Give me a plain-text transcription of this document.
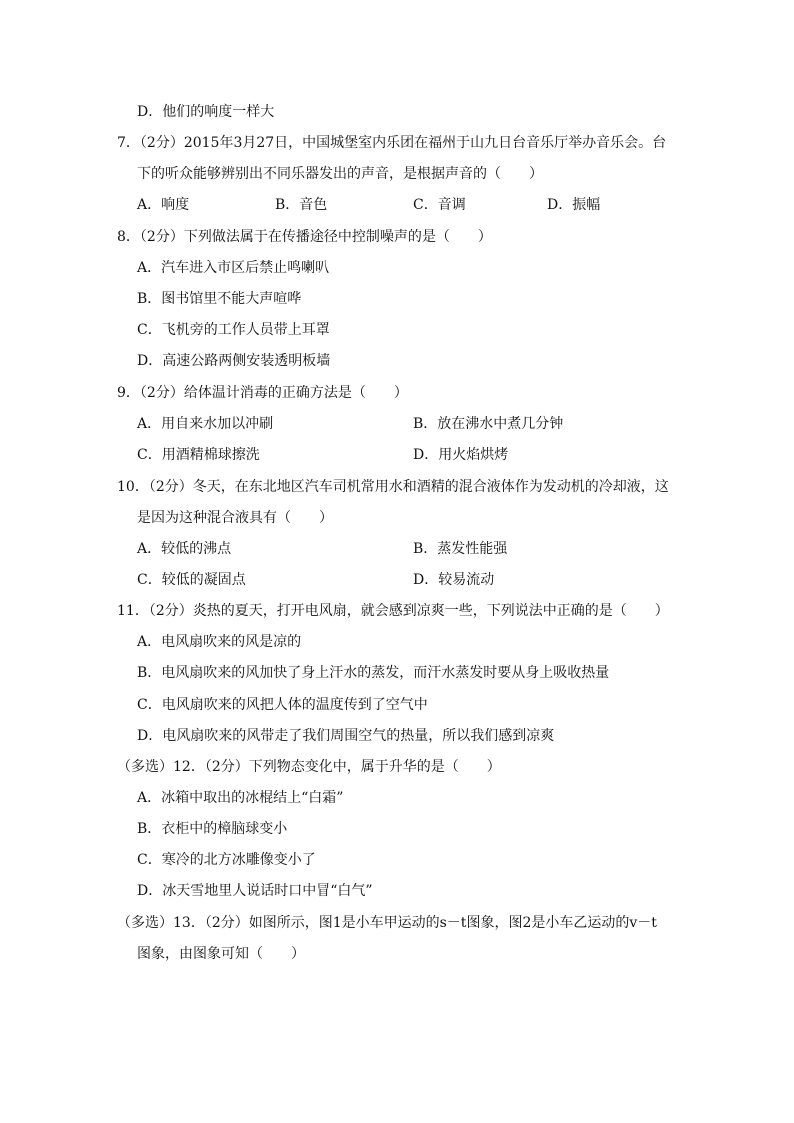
D．他们的响度一样大
7．（2分）2015年3月27日，中国城堡室内乐团在福州于山九日台音乐厅举办音乐会。台
下的听众能够辨别出不同乐器发出的声音，是根据声音的（　　）
A．响度	B．音色	C．音调	D．振幅
8．（2分）下列做法属于在传播途径中控制噪声的是（　　）
A．汽车进入市区后禁止鸣喇叭
B．图书馆里不能大声喧哗
C．飞机旁的工作人员带上耳罩
D．高速公路两侧安装透明板墙
9．（2分）给体温计消毒的正确方法是（　　）
A．用自来水加以冲刷	B．放在沸水中煮几分钟
C．用酒精棉球擦洗	D．用火焰烘烤
10．（2分）冬天，在东北地区汽车司机常用水和酒精的混合液体作为发动机的冷却液，这
是因为这种混合液具有（　　）
A．较低的沸点	B．蒸发性能强
C．较低的凝固点	D．较易流动
11．（2分）炎热的夏天，打开电风扇，就会感到凉爽一些，下列说法中正确的是（　　）
A．电风扇吹来的风是凉的
B．电风扇吹来的风加快了身上汗水的蒸发，而汗水蒸发时要从身上吸收热量
C．电风扇吹来的风把人体的温度传到了空气中
D．电风扇吹来的风带走了我们周围空气的热量，所以我们感到凉爽
（多选）12．（2分）下列物态变化中，属于升华的是（　　）
A．冰箱中取出的冰棍结上“白霜”
B．衣柜中的樟脑球变小
C．寒冷的北方冰雕像变小了
D．冰天雪地里人说话时口中冒“白气”
（多选）13．（2分）如图所示，图1是小车甲运动的s－t图象，图2是小车乙运动的v－t
图象，由图象可知（　　）
